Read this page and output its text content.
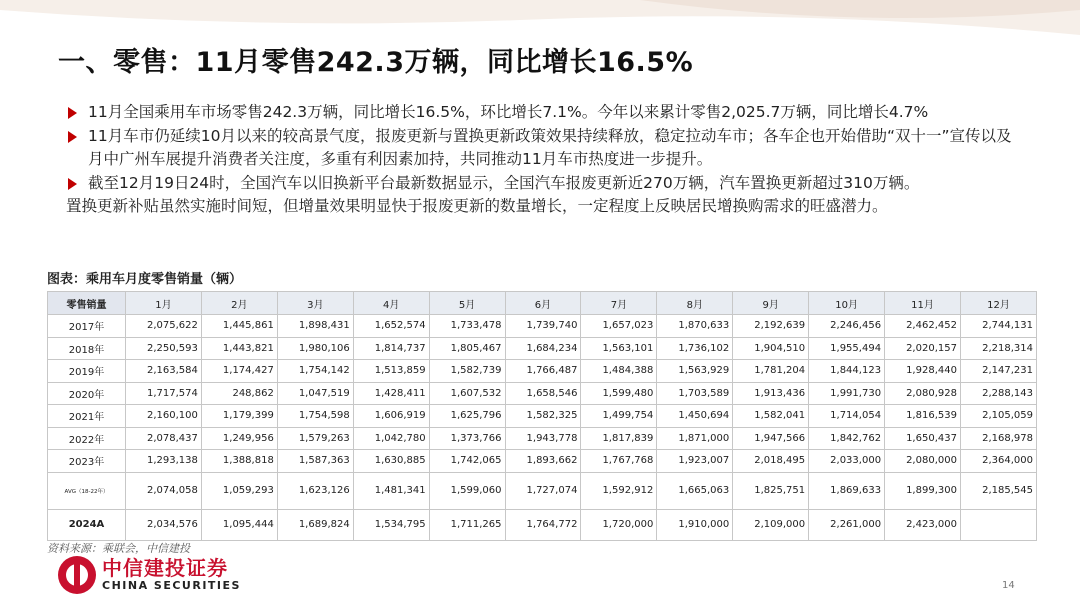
一、零售：11月零售242.3万辆，同比增长16.5%
11月全国乘用车市场零售242.3万辆，同比增长16.5%，环比增长7.1%。今年以来累计零售2,025.7万辆，同比增长4.7%
11月车市仍延续10月以来的较高景气度，报废更新与置换更新政策效果持续释放，稳定拉动车市；各车企也开始借助“双十一”宣传以及月中广州车展提升消费者关注度，多重有利因素加持，共同推动11月车市热度进一步提升。
截至12月19日24时，全国汽车以旧换新平台最新数据显示，全国汽车报废更新近270万辆，汽车置换更新超过310万辆。
置换更新补贴虽然实施时间短，但增量效果明显快于报废更新的数量增长，一定程度上反映居民增换购需求的旺盛潜力。
图表：乘用车月度零售销量（辆）
零售销量	1月	2月	3月	4月	5月	6月	7月	8月	9月	10月	11月	12月
2017年	2,075,622	1,445,861	1,898,431	1,652,574	1,733,478	1,739,740	1,657,023	1,870,633	2,192,639	2,246,456	2,462,452	2,744,131
2018年	2,250,593	1,443,821	1,980,106	1,814,737	1,805,467	1,684,234	1,563,101	1,736,102	1,904,510	1,955,494	2,020,157	2,218,314
2019年	2,163,584	1,174,427	1,754,142	1,513,859	1,582,739	1,766,487	1,484,388	1,563,929	1,781,204	1,844,123	1,928,440	2,147,231
2020年	1,717,574	248,862	1,047,519	1,428,411	1,607,532	1,658,546	1,599,480	1,703,589	1,913,436	1,991,730	2,080,928	2,288,143
2021年	2,160,100	1,179,399	1,754,598	1,606,919	1,625,796	1,582,325	1,499,754	1,450,694	1,582,041	1,714,054	1,816,539	2,105,059
2022年	2,078,437	1,249,956	1,579,263	1,042,780	1,373,766	1,943,778	1,817,839	1,871,000	1,947,566	1,842,762	1,650,437	2,168,978
2023年	1,293,138	1,388,818	1,587,363	1,630,885	1,742,065	1,893,662	1,767,768	1,923,007	2,018,495	2,033,000	2,080,000	2,364,000
AVG（18-22年）	2,074,058	1,059,293	1,623,126	1,481,341	1,599,060	1,727,074	1,592,912	1,665,063	1,825,751	1,869,633	1,899,300	2,185,545
2024A	2,034,576	1,095,444	1,689,824	1,534,795	1,711,265	1,764,772	1,720,000	1,910,000	2,109,000	2,261,000	2,423,000	
资料来源：乘联会，中信建投
中信建投证券
CHINA SECURITIES	14
